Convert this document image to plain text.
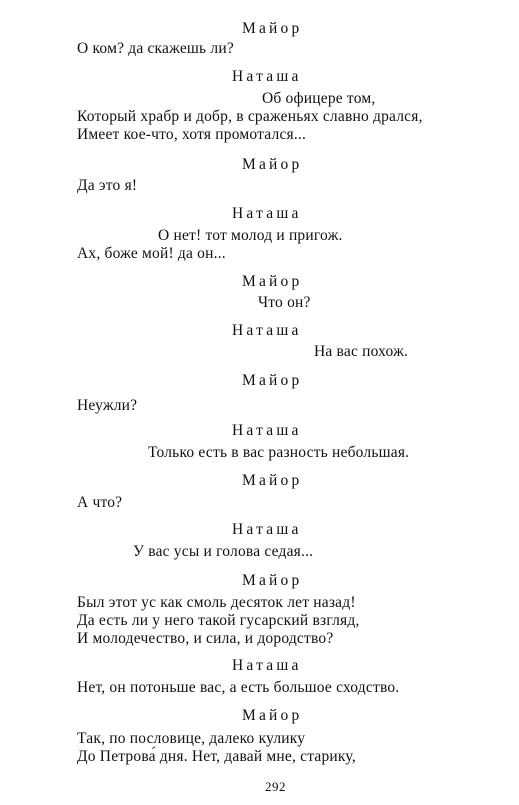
Майор
О ком? да скажешь ли?
Наташа
Об офицере том,
Который храбр и добр, в сраженьях славно дрался,
Имеет кое-что, хотя промотался...
Майор
Да это я!
Наташа
О нет! тот молод и пригож.
Ах, боже мой! да он...
Майор
Что он?
Наташа
На вас похож.
Майор
Неужли?
Наташа
Только есть в вас разность небольшая.
Майор
А что?
Наташа
У вас усы и голова седая...
Майор
Был этот ус как смоль десяток лет назад!
Да есть ли у него такой гусарский взгляд,
И молодечество, и сила, и дородство?
Наташа
Нет, он потоньше вас, а есть большое сходство.
Майор
Так, по пословице, далеко кулику
До Петрова́ дня. Нет, давай мне, старику,
292
